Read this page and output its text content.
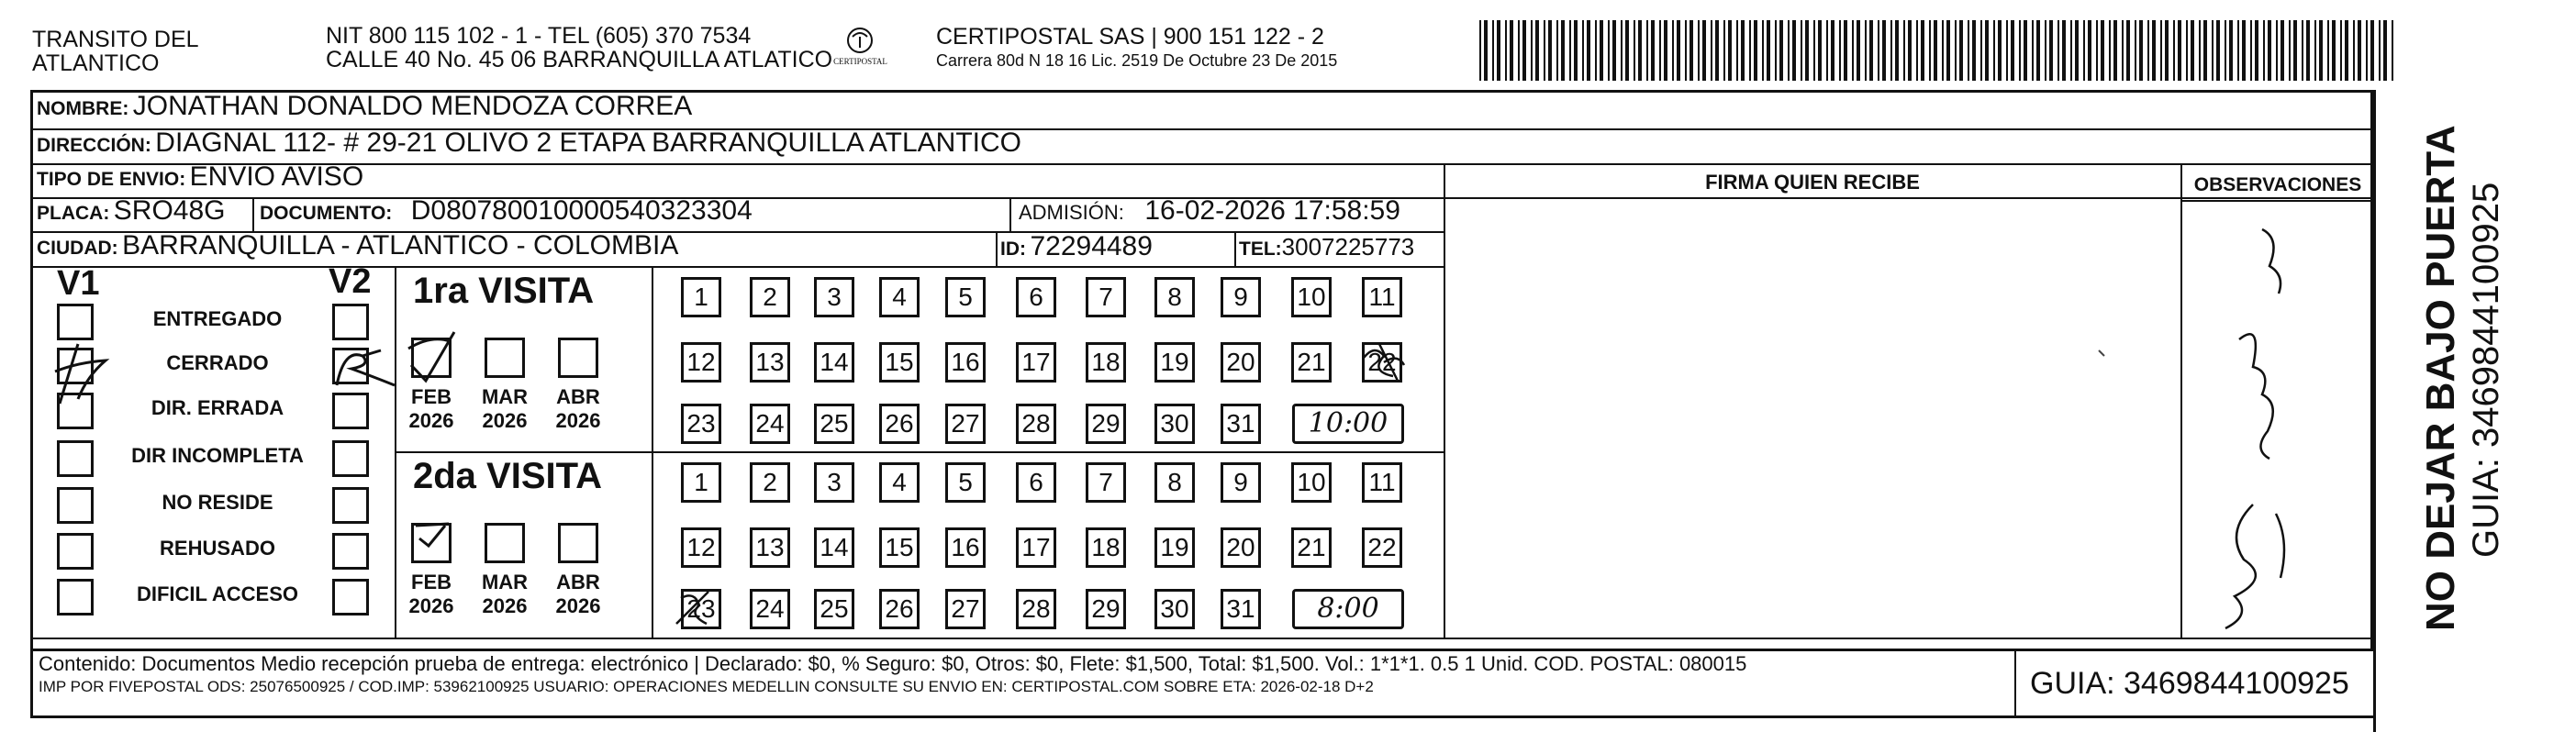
TRANSITO DEL
ATLANTICO
NIT 800 115 102 - 1 - TEL (605) 370 7534
CALLE 40 No. 45 06 BARRANQUILLA ATLATICO CERTIPOSTAL
CERTIPOSTAL SAS | 900 151 122 - 2
Carrera 80d N 18 16 Lic. 2519 De Octubre 23 De 2015
NOMBRE: JONATHAN DONALDO MENDOZA CORREA
DIRECCIÓN: DIAGNAL 112- # 29-21 OLIVO 2 ETAPA BARRANQUILLA ATLANTICO
TIPO DE ENVIO: ENVIO AVISO
PLACA: SRO48G DOCUMENTO: D080780010000540323304	ADMISIÓN: 16-02-2026 17:58:59
CIUDAD: BARRANQUILLA - ATLANTICO - COLOMBIA	ID: 72294489	TEL:3007225773
FIRMA QUIEN RECIBE	OBSERVACIONES
V1	V2
ENTREGADO
CERRADO
DIR. ERRADA
DIR INCOMPLETA
NO RESIDE
REHUSADO
DIFICIL ACCESO
1ra VISITA
FEB
2026
MAR
2026
ABR
2026
1	2	3	4	5	6	7	8	9	10 11
12 13 14 15 16 17 18 19 20 21 22
23 24 25 26 27 28 29 30 31	10:00
2da VISITA
FEB
2026
MAR
2026
ABR
2026
1	2	3	4	5	6	7	8	9	10 11
12 13 14 15 16 17 18 19 20 21 22
23 24 25 26 27 28 29 30 31	8:00
Contenido: Documentos Medio recepción prueba de entrega: electrónico | Declarado: $0, % Seguro: $0, Otros: $0, Flete: $1,500, Total: $1,500. Vol.: 1*1*1. 0.5 1 Unid. COD. POSTAL: 080015
IMP POR FIVEPOSTAL ODS: 25076500925 / COD.IMP: 53962100925 USUARIO: OPERACIONES MEDELLIN CONSULTE SU ENVIO EN: CERTIPOSTAL.COM SOBRE ETA: 2026-02-18 D+2	GUIA: 3469844100925
NO DEJAR BAJO PUERTA GUIA: 3469844100925
